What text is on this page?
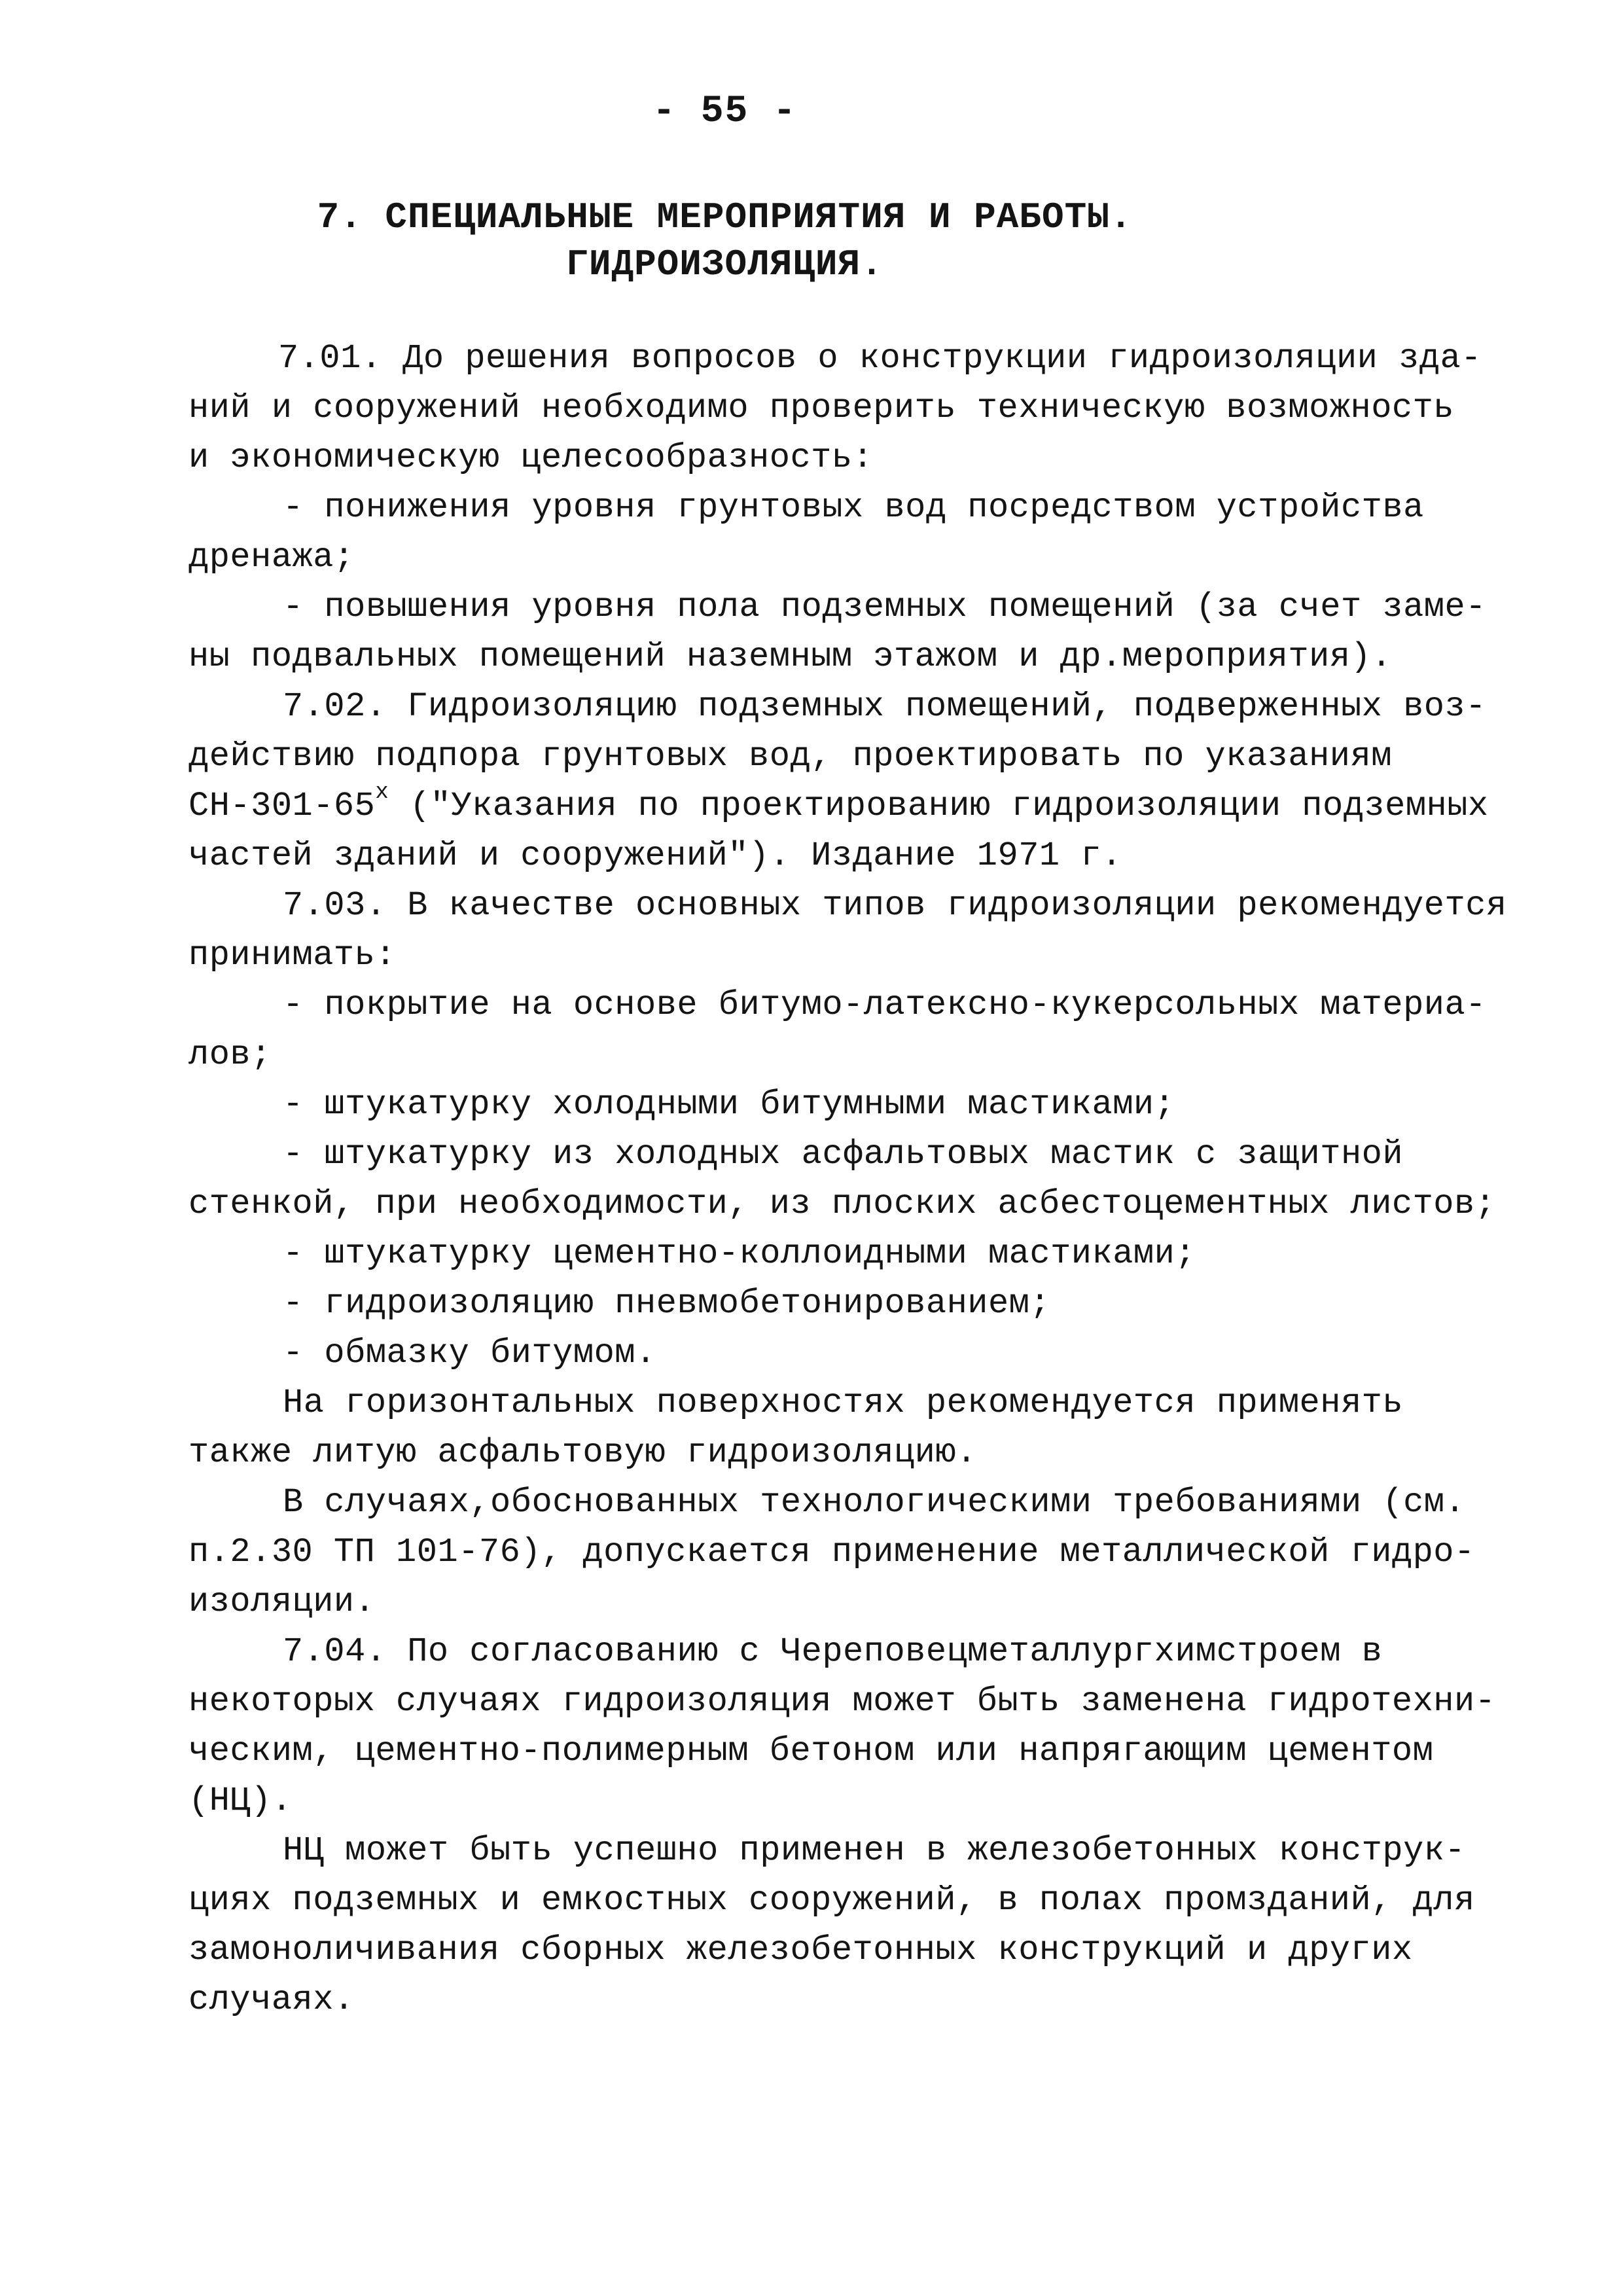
- 55 -
7. СПЕЦИАЛЬНЫЕ МЕРОПРИЯТИЯ И РАБОТЫ.
ГИДРОИЗОЛЯЦИЯ.
7.01. До решения вопросов о конструкции гидроизоляции зда-
ний и сооружений необходимо проверить техническую возможность
и экономическую целесообразность:
- понижения уровня грунтовых вод посредством устройства
дренажа;
- повышения уровня пола подземных помещений (за счет заме-
ны подвальных помещений наземным этажом и др.мероприятия).
7.02. Гидроизоляцию подземных помещений, подверженных воз-
действию подпора грунтовых вод, проектировать по указаниям
СН-301-65$^x$ ("Указания по проектированию гидроизоляции подземных
частей зданий и сооружений"). Издание 1971 г.
7.03. В качестве основных типов гидроизоляции рекомендуется
принимать:
- покрытие на основе битумо-латексно-кукерсольных материа-
лов;
- штукатурку холодными битумными мастиками;
- штукатурку из холодных асфальтовых мастик с защитной
стенкой, при необходимости, из плоских асбестоцементных листов;
- штукатурку цементно-коллоидными мастиками;
- гидроизоляцию пневмобетонированием;
- обмазку битумом.
На горизонтальных поверхностях рекомендуется применять
также литую асфальтовую гидроизоляцию.
В случаях,обоснованных технологическими требованиями (см.
п.2.30 ТП 101-76), допускается применение металлической гидро-
изоляции.
7.04. По согласованию с Череповецметаллургхимстроем в
некоторых случаях гидроизоляция может быть заменена гидротехни-
ческим, цементно-полимерным бетоном или напрягающим цементом
(НЦ).
НЦ может быть успешно применен в железобетонных конструк-
циях подземных и емкостных сооружений, в полах промзданий, для
замоноличивания сборных железобетонных конструкций и других
случаях.
